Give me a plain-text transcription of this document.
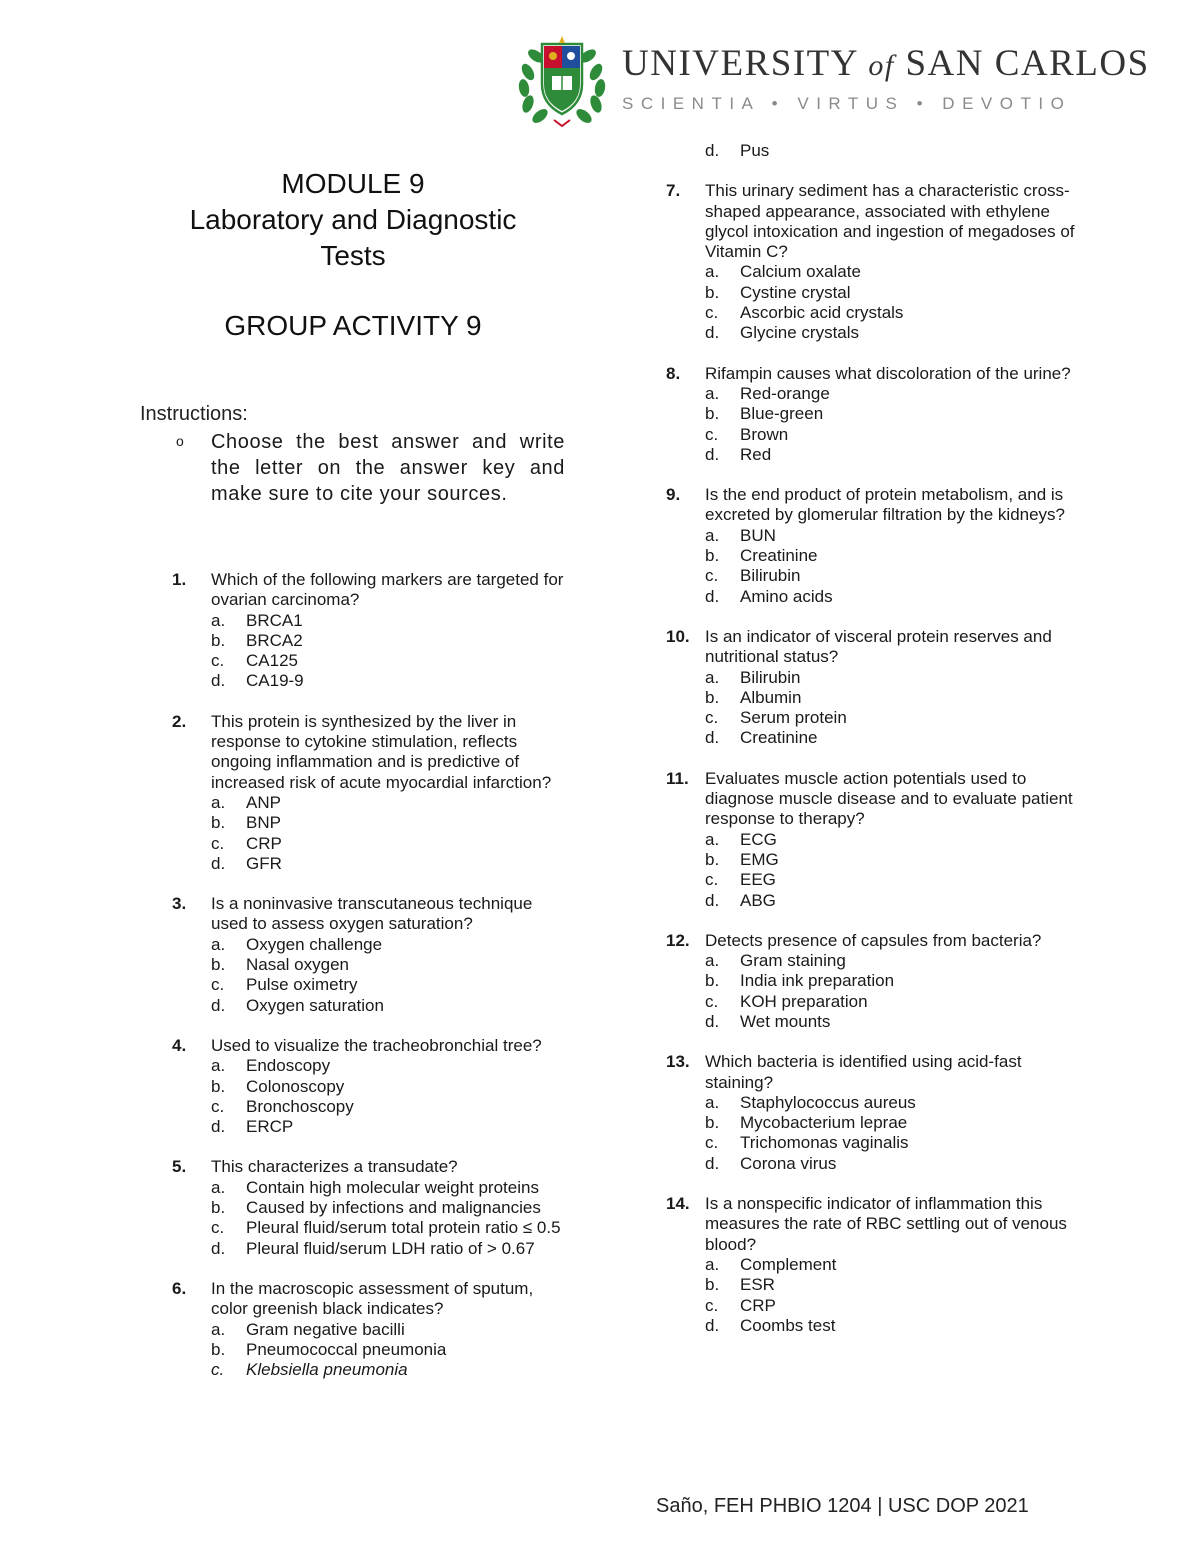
UNIVERSITY of SAN CARLOS
SCIENTIA • VIRTUS • DEVOTIO
MODULE 9
Laboratory and Diagnostic
Tests
GROUP ACTIVITY 9
Instructions:
o Choose the best answer and write the letter on the answer key and make sure to cite your sources.
1. Which of the following markers are targeted for ovarian carcinoma?
a. BRCA1
b. BRCA2
c. CA125
d. CA19-9
2. This protein is synthesized by the liver in response to cytokine stimulation, reflects ongoing inflammation and is predictive of increased risk of acute myocardial infarction?
a. ANP
b. BNP
c. CRP
d. GFR
3. Is a noninvasive transcutaneous technique used to assess oxygen saturation?
a. Oxygen challenge
b. Nasal oxygen
c. Pulse oximetry
d. Oxygen saturation
4. Used to visualize the tracheobronchial tree?
a. Endoscopy
b. Colonoscopy
c. Bronchoscopy
d. ERCP
5. This characterizes a transudate?
a. Contain high molecular weight proteins
b. Caused by infections and malignancies
c. Pleural fluid/serum total protein ratio ≤ 0.5
d. Pleural fluid/serum LDH ratio of > 0.67
6. In the macroscopic assessment of sputum, color greenish black indicates?
a. Gram negative bacilli
b. Pneumococcal pneumonia
c. Klebsiella pneumonia
d. Pus
7. This urinary sediment has a characteristic cross-shaped appearance, associated with ethylene glycol intoxication and ingestion of megadoses of Vitamin C?
a. Calcium oxalate
b. Cystine crystal
c. Ascorbic acid crystals
d. Glycine crystals
8. Rifampin causes what discoloration of the urine?
a. Red-orange
b. Blue-green
c. Brown
d. Red
9. Is the end product of protein metabolism, and is excreted by glomerular filtration by the kidneys?
a. BUN
b. Creatinine
c. Bilirubin
d. Amino acids
10. Is an indicator of visceral protein reserves and nutritional status?
a. Bilirubin
b. Albumin
c. Serum protein
d. Creatinine
11. Evaluates muscle action potentials used to diagnose muscle disease and to evaluate patient response to therapy?
a. ECG
b. EMG
c. EEG
d. ABG
12. Detects presence of capsules from bacteria?
a. Gram staining
b. India ink preparation
c. KOH preparation
d. Wet mounts
13. Which bacteria is identified using acid-fast staining?
a. Staphylococcus aureus
b. Mycobacterium leprae
c. Trichomonas vaginalis
d. Corona virus
14. Is a nonspecific indicator of inflammation this measures the rate of RBC settling out of venous blood?
a. Complement
b. ESR
c. CRP
d. Coombs test
Saño, FEH PHBIO 1204 | USC DOP 2021
